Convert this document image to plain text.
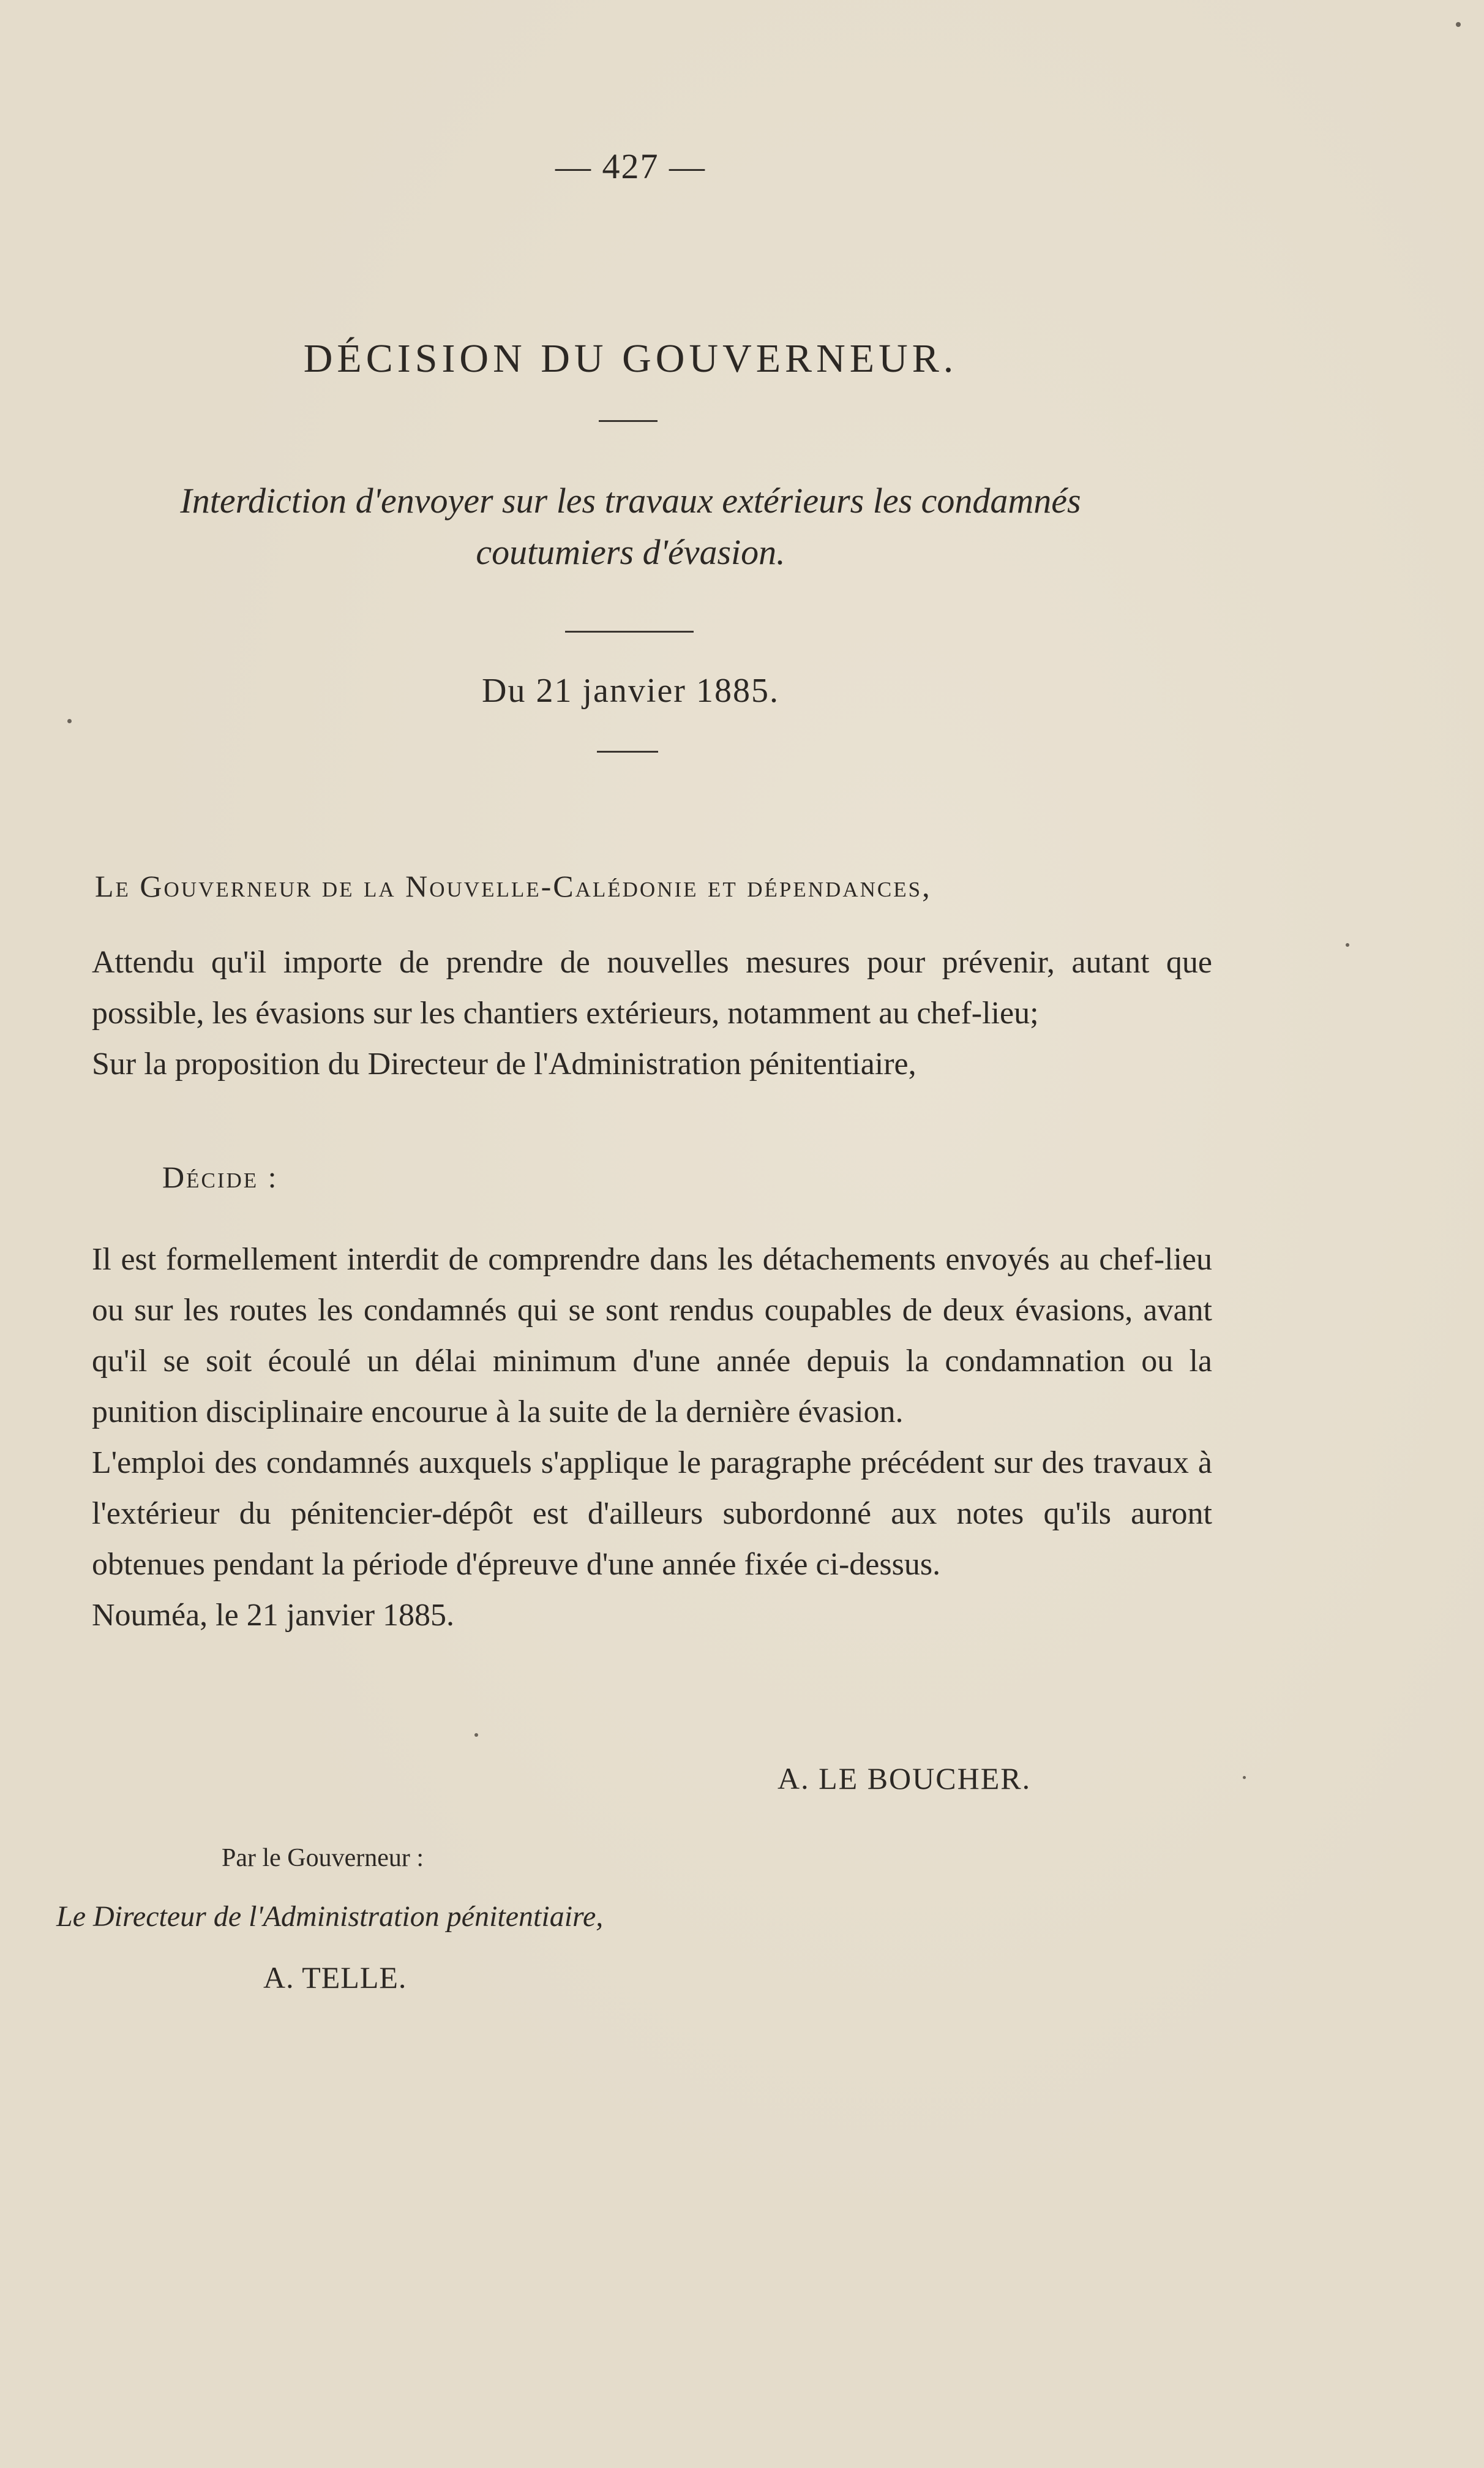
— 427 —
DÉCISION DU GOUVERNEUR.
Interdiction d'envoyer sur les travaux extérieurs les condamnés coutumiers d'évasion.
Du 21 janvier 1885.
Le Gouverneur de la Nouvelle-Calédonie et dépendances,

Attendu qu'il importe de prendre de nouvelles mesures pour prévenir, autant que possible, les évasions sur les chantiers extérieurs, notamment au chef-lieu;

Sur la proposition du Directeur de l'Administration pénitentiaire,

Décide :

Il est formellement interdit de comprendre dans les détachements envoyés au chef-lieu ou sur les routes les condamnés qui se sont rendus coupables de deux évasions, avant qu'il se soit écoulé un délai minimum d'une année depuis la condamnation ou la punition disciplinaire encourue à la suite de la dernière évasion.

L'emploi des condamnés auxquels s'applique le paragraphe précédent sur des travaux à l'extérieur du pénitencier-dépôt est d'ailleurs subordonné aux notes qu'ils auront obtenues pendant la période d'épreuve d'une année fixée ci-dessus.

Nouméa, le 21 janvier 1885.

A. LE BOUCHER.
Par le Gouverneur :
Le Directeur de l'Administration pénitentiaire,
A. TELLE.
